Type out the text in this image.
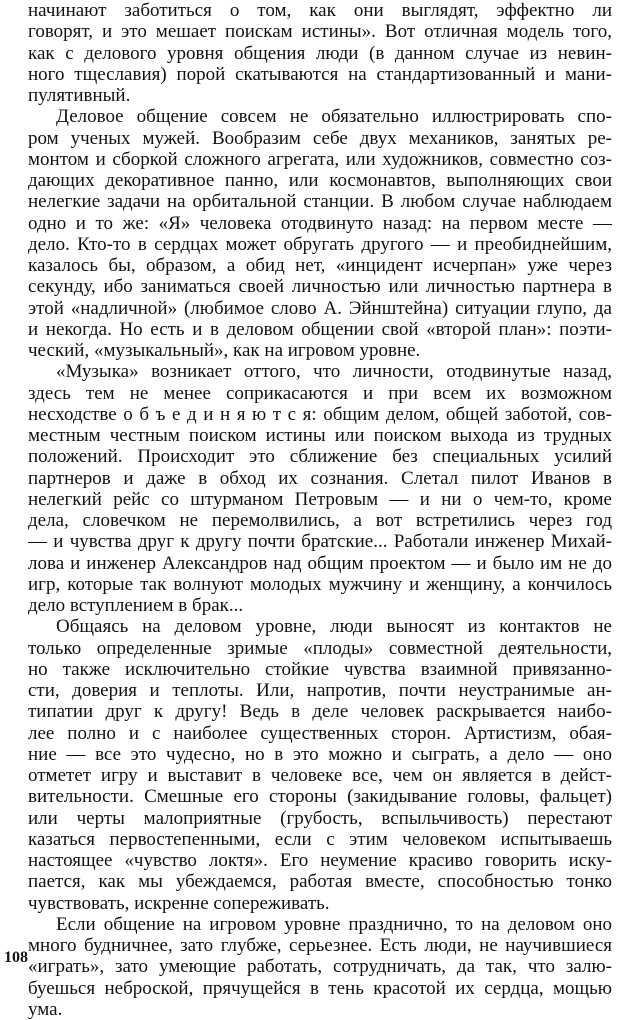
начинают заботиться о том, как они выглядят, эффектно ли
говорят, и это мешает поискам истины». Вот отличная модель того,
как с делового уровня общения люди (в данном случае из невин-
ного тщеславия) порой скатываются на стандартизованный и мани-
пулятивный.
Деловое общение совсем не обязательно иллюстрировать спо-
ром ученых мужей. Вообразим себе двух механиков, занятых ре-
монтом и сборкой сложного агрегата, или художников, совместно соз-
дающих декоративное панно, или космонавтов, выполняющих свои
нелегкие задачи на орбитальной станции. В любом случае наблюдаем
одно и то же: «Я» человека отодвинуто назад: на первом месте —
дело. Кто-то в сердцах может обругать другого — и преобиднейшим,
казалось бы, образом, а обид нет, «инцидент исчерпан» уже через
секунду, ибо заниматься своей личностью или личностью партнера в
этой «надличной» (любимое слово А. Эйнштейна) ситуации глупо, да
и некогда. Но есть и в деловом общении свой «второй план»: поэти-
ческий, «музыкальный», как на игровом уровне.
«Музыка» возникает оттого, что личности, отодвинутые назад,
здесь тем не менее соприкасаются и при всем их возможном
несходстве о б ъ е д и н я ю т с я: общим делом, общей заботой, сов-
местным честным поиском истины или поиском выхода из трудных
положений. Происходит это сближение без специальных усилий
партнеров и даже в обход их сознания. Слетал пилот Иванов в
нелегкий рейс со штурманом Петровым — и ни о чем-то, кроме
дела, словечком не перемолвились, а вот встретились через год
— и чувства друг к другу почти братские... Работали инженер Михай-
лова и инженер Александров над общим проектом — и было им не до
игр, которые так волнуют молодых мужчину и женщину, а кончилось
дело вступлением в брак...
Общаясь на деловом уровне, люди выносят из контактов не
только определенные зримые «плоды» совместной деятельности,
но также исключительно стойкие чувства взаимной привязанно-
сти, доверия и теплоты. Или, напротив, почти неустранимые ан-
типатии друг к другу! Ведь в деле человек раскрывается наибо-
лее полно и с наиболее существенных сторон. Артистизм, обая-
ние — все это чудесно, но в это можно и сыграть, а дело — оно
отметет игру и выставит в человеке все, чем он является в дейст-
вительности. Смешные его стороны (закидывание головы, фальцет)
или черты малоприятные (грубость, вспыльчивость) перестают
казаться первостепенными, если с этим человеком испытываешь
настоящее «чувство локтя». Его неумение красиво говорить иску-
пается, как мы убеждаемся, работая вместе, способностью тонко
чувствовать, искренне сопереживать.
Если общение на игровом уровне празднично, то на деловом оно
много будничнее, зато глубже, серьезнее. Есть люди, не научившиеся
«играть», зато умеющие работать, сотрудничать, да так, что залю-
буешься неброской, прячущейся в тень красотой их сердца, мощью
ума.
108
